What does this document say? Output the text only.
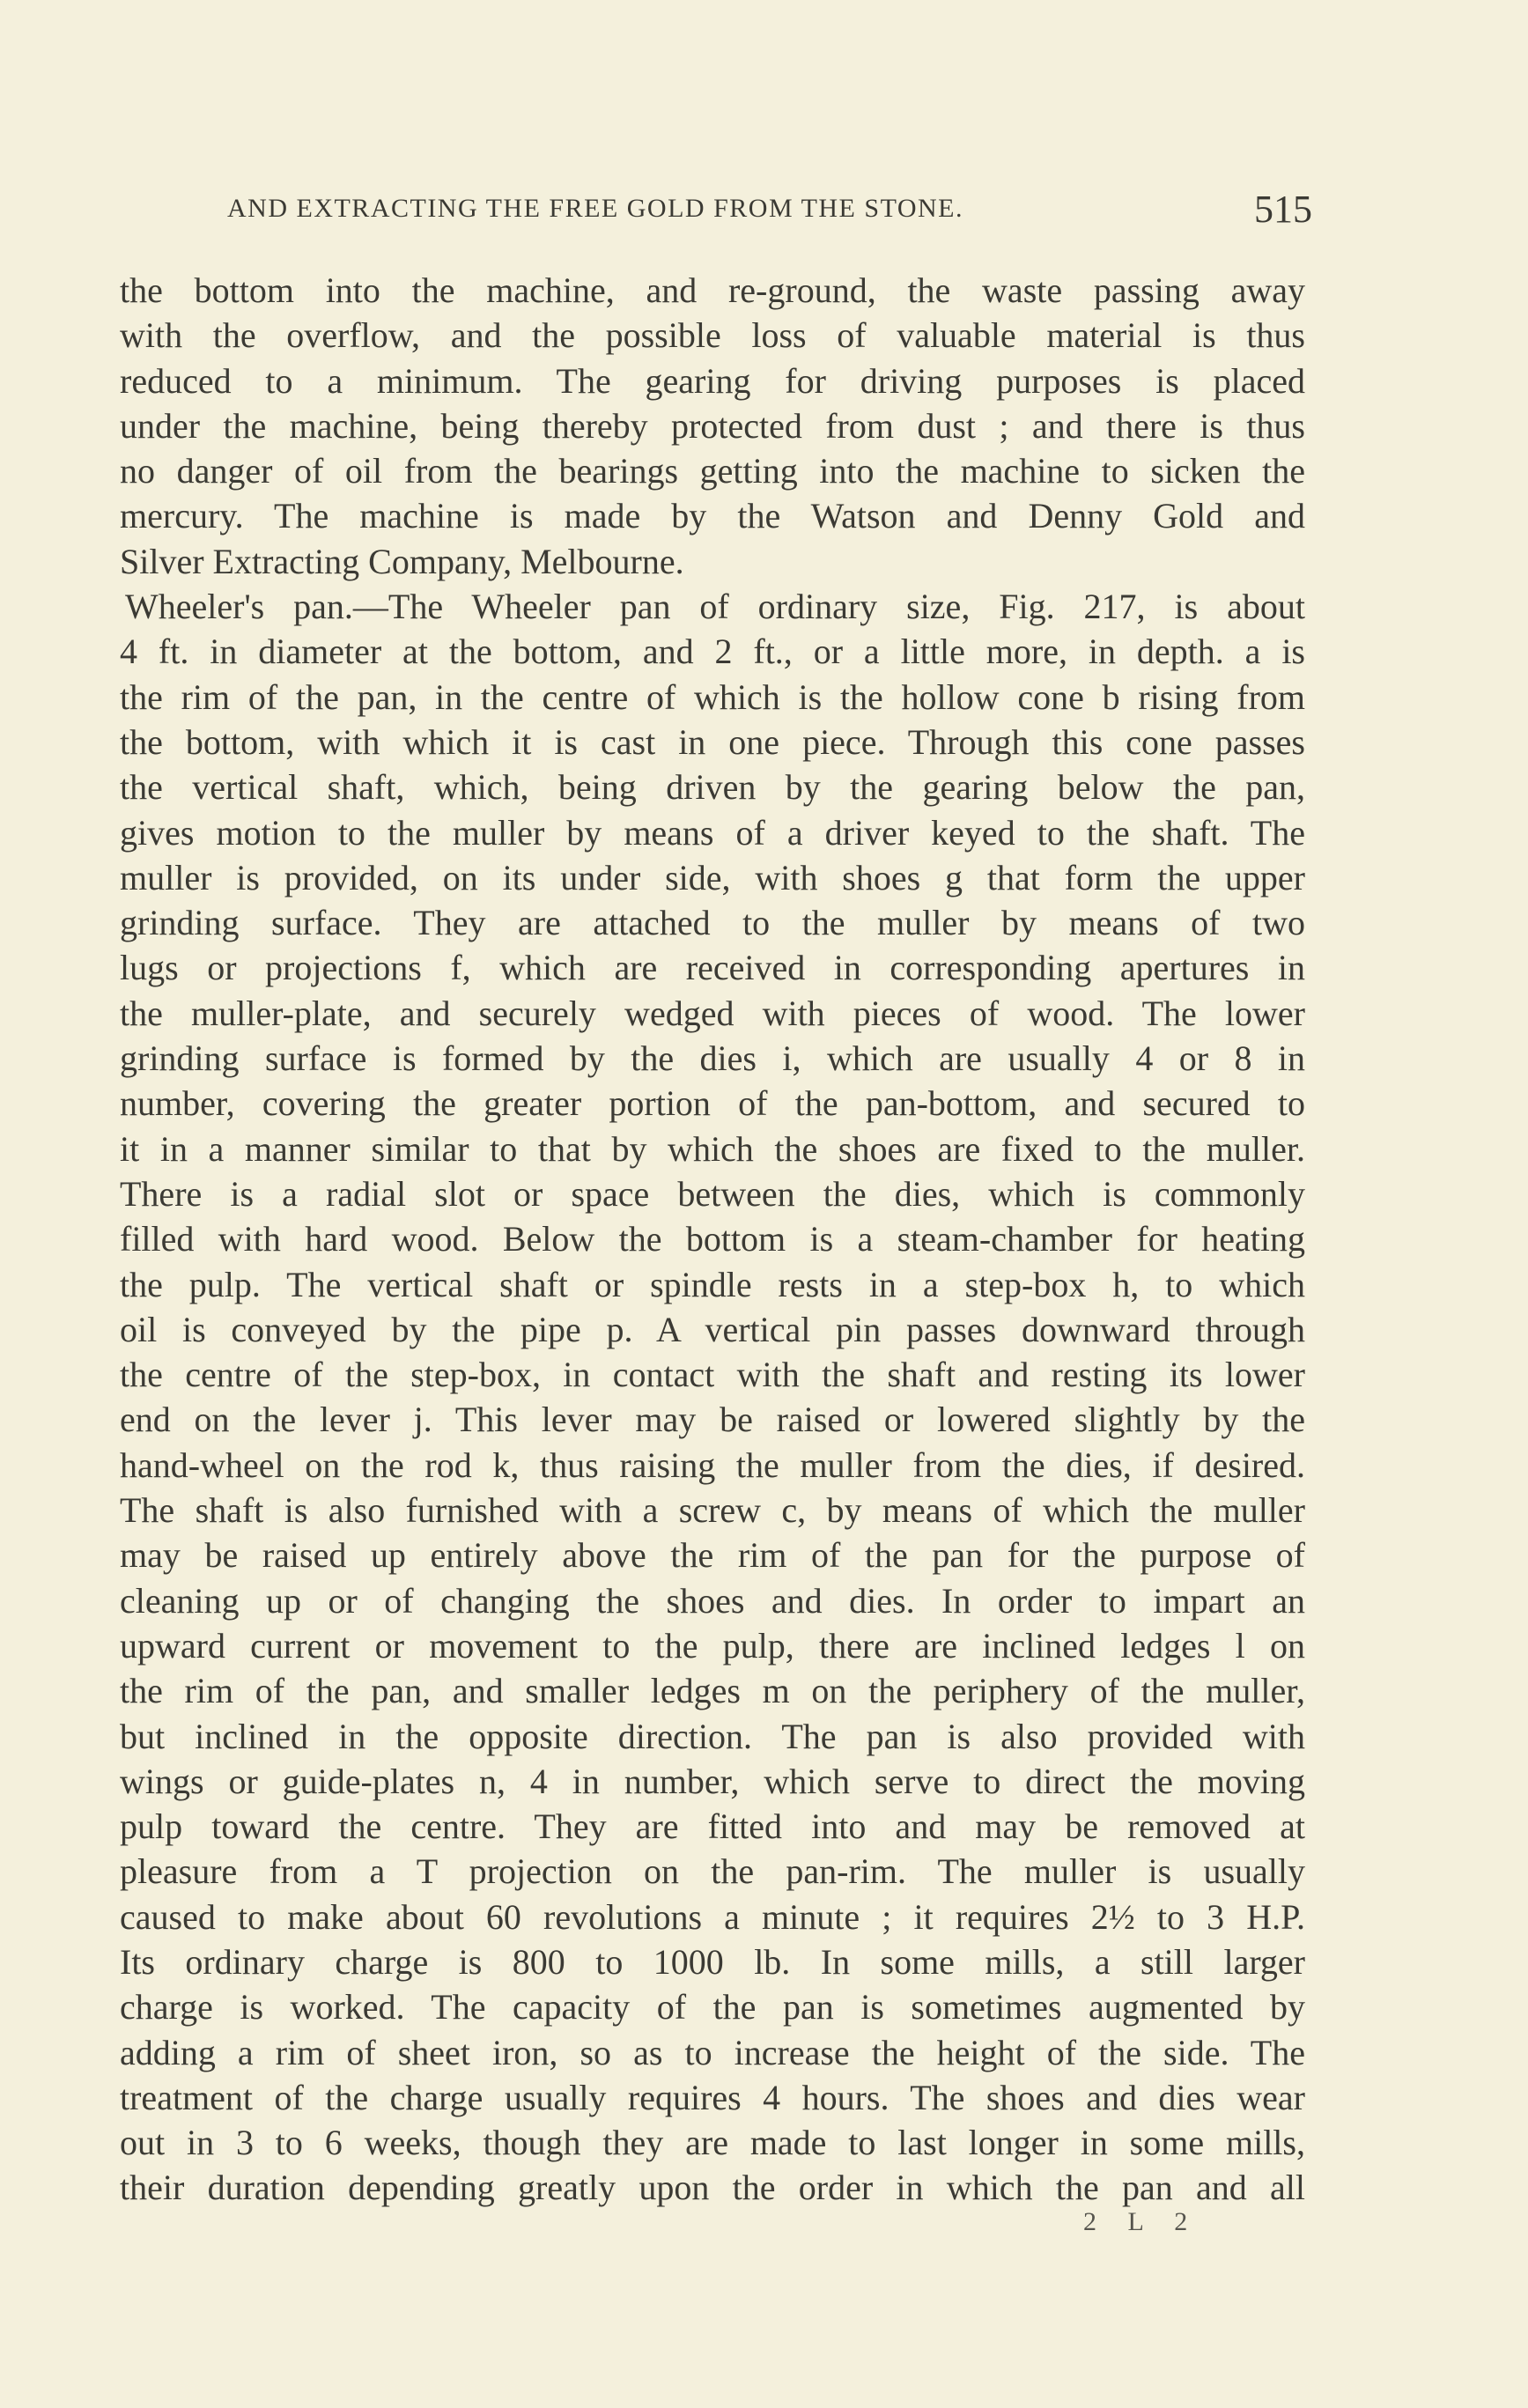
AND EXTRACTING THE FREE GOLD FROM THE STONE.	515
the bottom into the machine, and re-ground, the waste passing away
with the overflow, and the possible loss of valuable material is thus
reduced to a minimum. The gearing for driving purposes is placed
under the machine, being thereby protected from dust ; and there is thus
no danger of oil from the bearings getting into the machine to sicken the
mercury. The machine is made by the Watson and Denny Gold and
Silver Extracting Company, Melbourne.
Wheeler's pan.—The Wheeler pan of ordinary size, Fig. 217, is about
4 ft. in diameter at the bottom, and 2 ft., or a little more, in depth. a is
the rim of the pan, in the centre of which is the hollow cone b rising from
the bottom, with which it is cast in one piece. Through this cone passes
the vertical shaft, which, being driven by the gearing below the pan,
gives motion to the muller by means of a driver keyed to the shaft. The
muller is provided, on its under side, with shoes g that form the upper
grinding surface. They are attached to the muller by means of two
lugs or projections f, which are received in corresponding apertures in
the muller-plate, and securely wedged with pieces of wood. The lower
grinding surface is formed by the dies i, which are usually 4 or 8 in
number, covering the greater portion of the pan-bottom, and secured to
it in a manner similar to that by which the shoes are fixed to the muller.
There is a radial slot or space between the dies, which is commonly
filled with hard wood. Below the bottom is a steam-chamber for heating
the pulp. The vertical shaft or spindle rests in a step-box h, to which
oil is conveyed by the pipe p. A vertical pin passes downward through
the centre of the step-box, in contact with the shaft and resting its lower
end on the lever j. This lever may be raised or lowered slightly by the
hand-wheel on the rod k, thus raising the muller from the dies, if desired.
The shaft is also furnished with a screw c, by means of which the muller
may be raised up entirely above the rim of the pan for the purpose of
cleaning up or of changing the shoes and dies. In order to impart an
upward current or movement to the pulp, there are inclined ledges l on
the rim of the pan, and smaller ledges m on the periphery of the muller,
but inclined in the opposite direction. The pan is also provided with
wings or guide-plates n, 4 in number, which serve to direct the moving
pulp toward the centre. They are fitted into and may be removed at
pleasure from a T projection on the pan-rim. The muller is usually
caused to make about 60 revolutions a minute ; it requires 2½ to 3 H.P.
Its ordinary charge is 800 to 1000 lb. In some mills, a still larger
charge is worked. The capacity of the pan is sometimes augmented by
adding a rim of sheet iron, so as to increase the height of the side. The
treatment of the charge usually requires 4 hours. The shoes and dies wear
out in 3 to 6 weeks, though they are made to last longer in some mills,
their duration depending greatly upon the order in which the pan and all
2 L 2
